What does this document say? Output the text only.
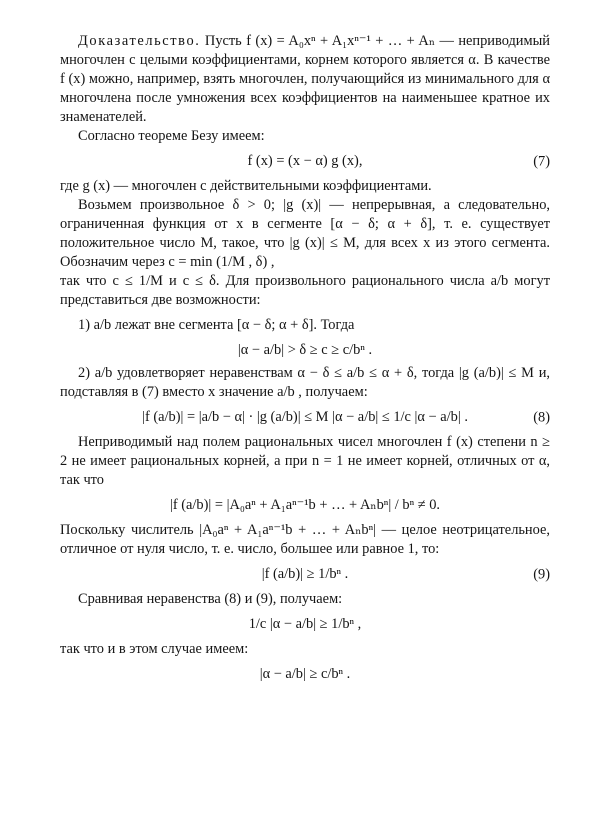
Доказательство. Пусть f (x) = A₀xⁿ + A₁xⁿ⁻¹ + … + Aₙ — неприводимый многочлен с целыми коэффициентами, корнем которого является α. В качестве f (x) можно, например, взять многочлен, получающийся из минимального для α многочлена после умножения всех коэффициентов на наименьшее кратное их знаменателей.

Согласно теореме Безу имеем:

f (x) = (x − α) g (x),	(7)

где g (x) — многочлен с действительными коэффициентами.

Возьмем произвольное δ > 0; |g (x)| — непрерывная, а следовательно, ограниченная функция от x в сегменте [α − δ; α + δ], т. е. существует положительное число M, такое, что |g (x)| ≤ M, для всех x из этого сегмента. Обозначим через c = min (1/M , δ) ,

так что c ≤ 1/M и c ≤ δ. Для произвольного рационального числа a/b могут представиться две возможности:

1) a/b лежат вне сегмента [α − δ; α + δ]. Тогда

|α − a/b| > δ ≥ c ≥ c/bⁿ .

2) a/b удовлетворяет неравенствам α − δ ≤ a/b ≤ α + δ, тогда |g (a/b)| ≤ M и, подставляя в (7) вместо x значение a/b , получаем:

|f (a/b)| = |a/b − α| · |g (a/b)| ≤ M |α − a/b| ≤ 1/c |α − a/b| .	(8)

Неприводимый над полем рациональных чисел многочлен f (x) степени n ≥ 2 не имеет рациональных корней, а при n = 1 не имеет корней, отличных от α, так что

|f (a/b)| = |A₀aⁿ + A₁aⁿ⁻¹b + … + Aₙbⁿ| / bⁿ ≠ 0.

Поскольку числитель |A₀aⁿ + A₁aⁿ⁻¹b + … + Aₙbⁿ| — целое неотрицательное, отличное от нуля число, т. е. число, большее или равное 1, то:

|f (a/b)| ≥ 1/bⁿ .	(9)

Сравнивая неравенства (8) и (9), получаем:

1/c |α − a/b| ≥ 1/bⁿ ,

так что и в этом случае имеем:

|α − a/b| ≥ c/bⁿ .
